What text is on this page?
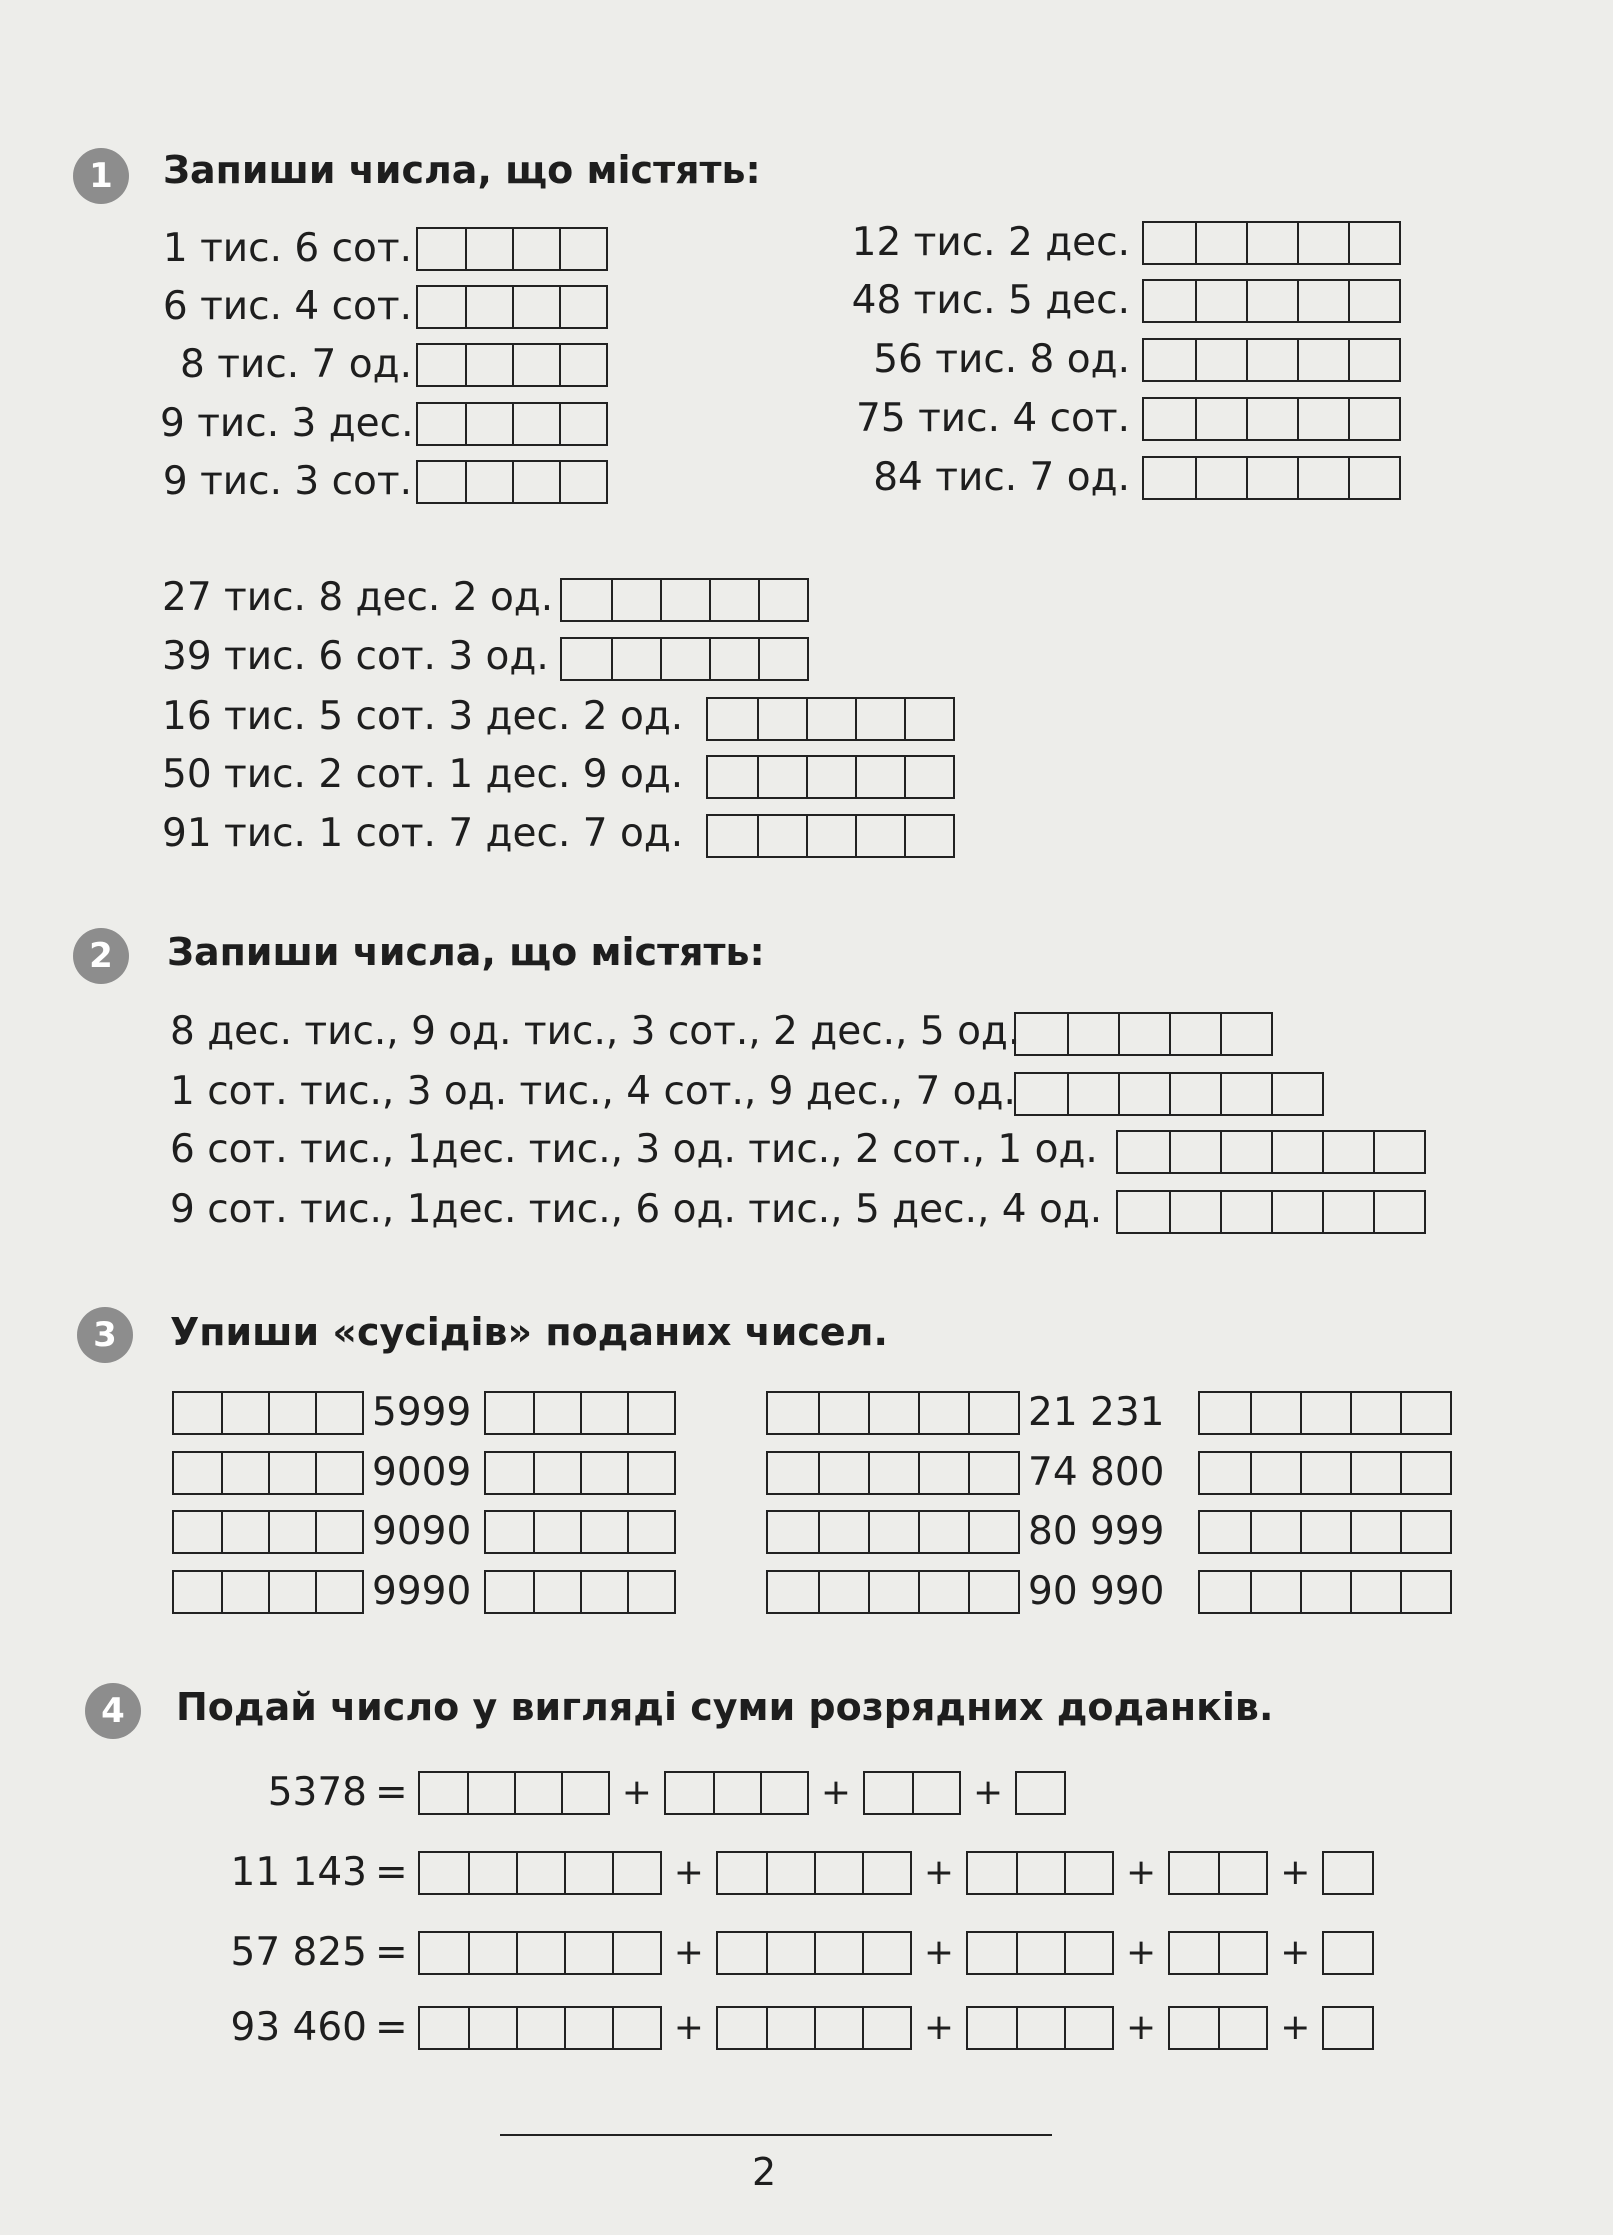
1	Запиши числа, що містять:
1 тис. 6 сот.
6 тис. 4 сот.
8 тис. 7 од.
9 тис. 3 дес.
9 тис. 3 сот.
12 тис. 2 дес.
48 тис. 5 дес.
56 тис. 8 од.
75 тис. 4 сот.
84 тис. 7 од.
27 тис. 8 дес. 2 од.
39 тис. 6 сот. 3 од.
16 тис. 5 сот. 3 дес. 2 од.
50 тис. 2 сот. 1 дес. 9 од.
91 тис. 1 сот. 7 дес. 7 од.
2	Запиши числа, що містять:
8 дес. тис., 9 од. тис., 3 сот., 2 дес., 5 од.
1 сот. тис., 3 од. тис., 4 сот., 9 дес., 7 од.
6 сот. тис., 1дес. тис., 3 од. тис., 2 сот., 1 од.
9 сот. тис., 1дес. тис., 6 од. тис., 5 дес., 4 од.
3	Упиши «сусідів» поданих чисел.
5999
9009
9090
9990
21 231
74 800
80 999
90 990
4	Подай число у вигляді суми розрядних доданків.
5378 =	+	+	+
11 143 =	+	+	+	+
57 825 =	+	+	+	+
93 460 =	+	+	+	+
2
